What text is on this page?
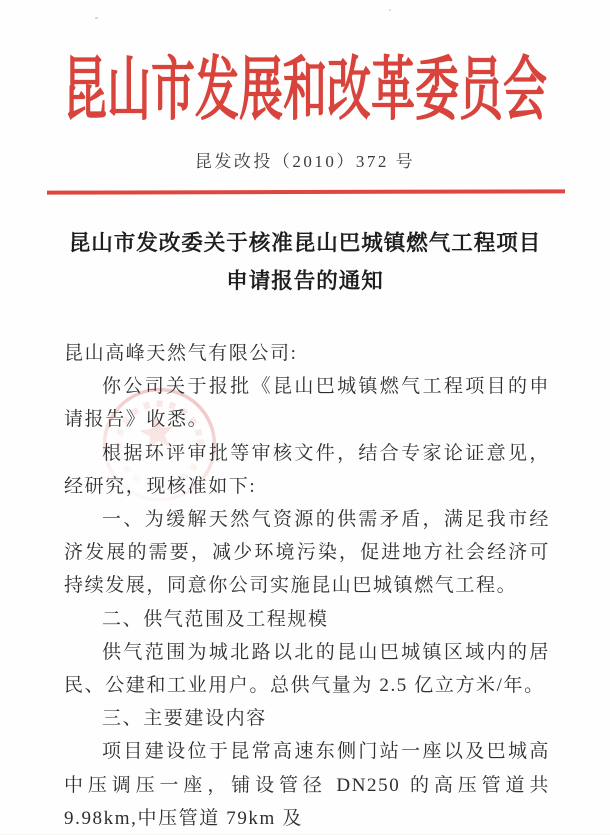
昆山市发展和改革委员会
昆发改投（2010）372 号
昆山市发改委关于核准昆山巴城镇燃气工程项目
申请报告的通知

昆山高峰天然气有限公司:

你公司关于报批《昆山巴城镇燃气工程项目的申请报告》收悉。

根据环评审批等审核文件，结合专家论证意见，经研究，现核准如下:

一、为缓解天然气资源的供需矛盾，满足我市经济发展的需要，减少环境污染，促进地方社会经济可持续发展，同意你公司实施昆山巴城镇燃气工程。

二、供气范围及工程规模

供气范围为城北路以北的昆山巴城镇区域内的居民、公建和工业用户。总供气量为 2.5 亿立方米/年。

三、主要建设内容

项目建设位于昆常高速东侧门站一座以及巴城高中压调压一座，铺设管径 DN250 的高压管道共 9.98km,中压管道 79km 及
